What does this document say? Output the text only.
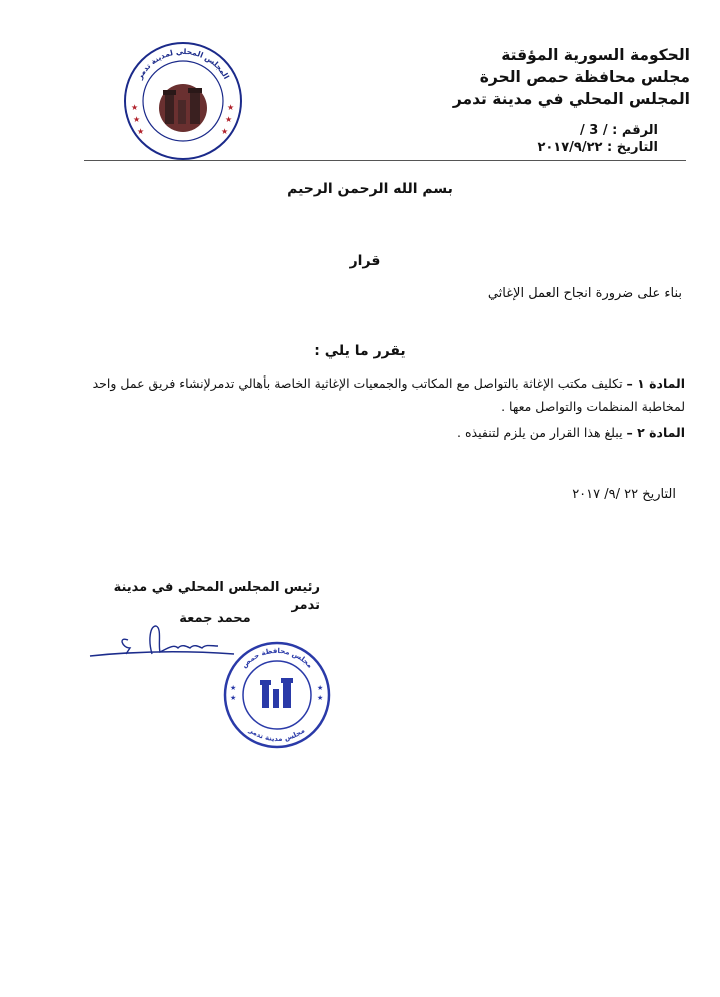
الحكومة السورية المؤقتة
مجلس محافظة حمص الحرة
المجلس المحلي في مدينة تدمر
الرقم : / 3 /
التاريخ : ٢٠١٧/٩/٢٢
المجلس المحلي لمدينة تدمر
★
★
★
★
★
★
بسم الله الرحمن الرحيم
قرار
بناء على ضرورة انجاح العمل الإغاثي
يقرر ما يلي :
المادة ١ – تكليف مكتب الإغاثة بالتواصل مع المكاتب والجمعيات الإغاثية الخاصة بأهالي تدمرلإنشاء فريق عمل واحد لمخاطبة المنظمات والتواصل معها .
المادة ٢ – يبلغ هذا القرار من يلزم لتنفيذه .
التاريخ ٢٢ /٩/ ٢٠١٧
رئيس المجلس المحلي في مدينة تدمر
محمد جمعة
مجلس محافظة حمص
مجلس مدينة تدمر
★
★
★
★
